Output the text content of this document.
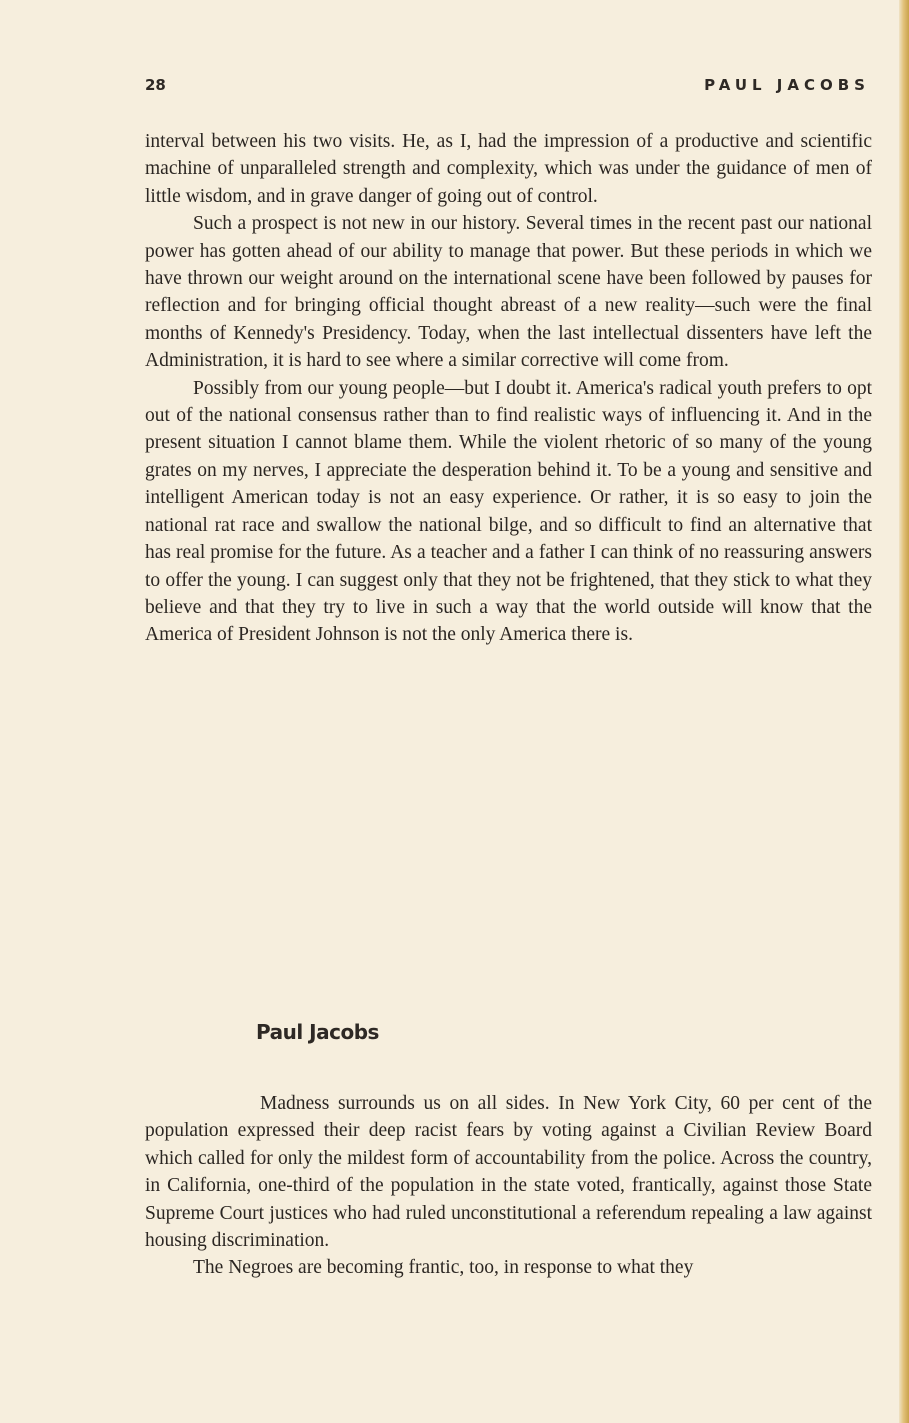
28	PAUL JACOBS

interval between his two visits. He, as I, had the impression of a productive and scientific machine of unparalleled strength and complexity, which was under the guidance of men of little wisdom, and in grave danger of going out of control.

Such a prospect is not new in our history. Several times in the recent past our national power has gotten ahead of our ability to manage that power. But these periods in which we have thrown our weight around on the international scene have been followed by pauses for reflection and for bringing official thought abreast of a new reality—such were the final months of Kennedy's Presidency. Today, when the last intellectual dissenters have left the Administration, it is hard to see where a similar corrective will come from.

Possibly from our young people—but I doubt it. America's radical youth prefers to opt out of the national consensus rather than to find realistic ways of influencing it. And in the present situation I cannot blame them. While the violent rhetoric of so many of the young grates on my nerves, I appreciate the desperation behind it. To be a young and sensitive and intelligent American today is not an easy experience. Or rather, it is so easy to join the national rat race and swallow the national bilge, and so difficult to find an alternative that has real promise for the future. As a teacher and a father I can think of no reassuring answers to offer the young. I can suggest only that they not be frightened, that they stick to what they believe and that they try to live in such a way that the world outside will know that the America of President Johnson is not the only America there is.

Paul Jacobs

Madness surrounds us on all sides. In New York City, 60 per cent of the population expressed their deep racist fears by voting against a Civilian Review Board which called for only the mildest form of accountability from the police. Across the country, in California, one-third of the population in the state voted, frantically, against those State Supreme Court justices who had ruled unconstitutional a referendum repealing a law against housing discrimination.

The Negroes are becoming frantic, too, in response to what they
